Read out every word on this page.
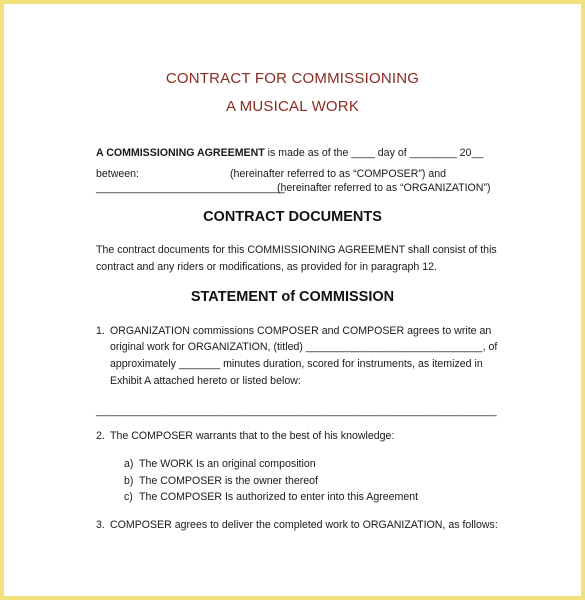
CONTRACT FOR COMMISSIONING
A MUSICAL WORK
A COMMISSIONING AGREEMENT is made as of the ____ day of ________ 20__
between:	(hereinafter referred to as “COMPOSER”) and
________________________________
(hereinafter referred to as “ORGANIZATION”)
CONTRACT DOCUMENTS
The contract documents for this COMMISSIONING AGREEMENT shall consist of this
contract and any riders or modifications, as provided for in paragraph 12.
STATEMENT of COMMISSION
1. ORGANIZATION commissions COMPOSER and COMPOSER agrees to write an
original work for ORGANIZATION, (titled) ______________________________, of
approximately _______ minutes duration, scored for instruments, as itemized in
Exhibit A attached hereto or listed below:
____________________________________________________________________
2. The COMPOSER warrants that to the best of his knowledge:
a) The WORK Is an original composition
b) The COMPOSER is the owner thereof
c) The COMPOSER Is authorized to enter into this Agreement
3. COMPOSER agrees to deliver the completed work to ORGANIZATION, as follows:
